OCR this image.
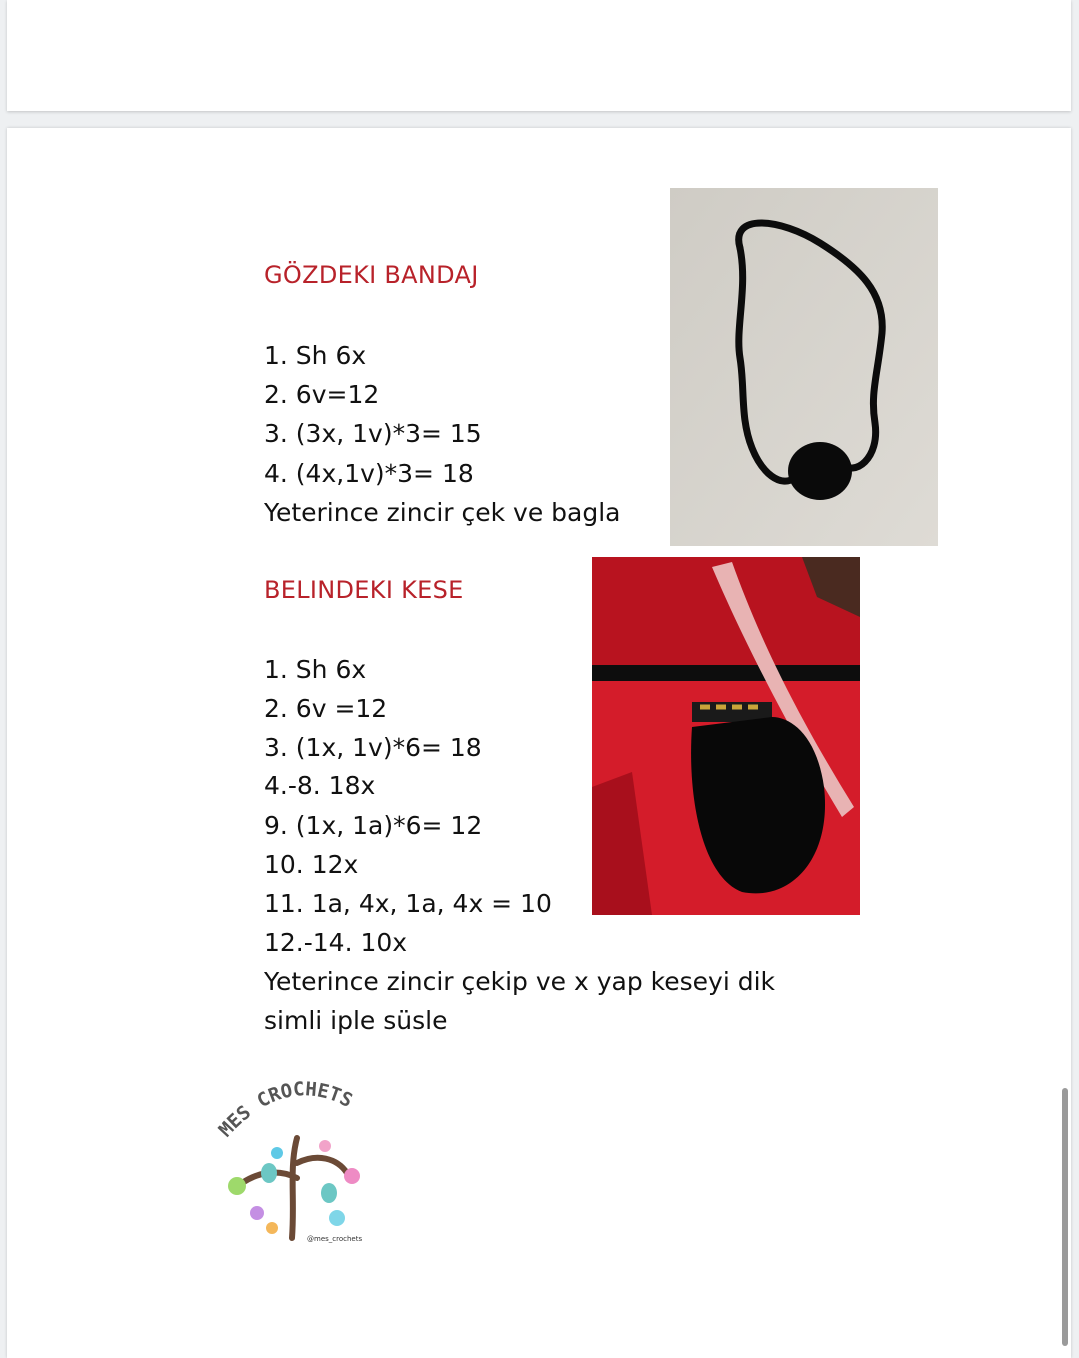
GÖZDEKI BANDAJ

1. Sh 6x

2. 6v=12

3. (3x, 1v)*3= 15

4. (4x,1v)*3= 18

Yeterince zincir çek ve bagla

BELINDEKI KESE

1. Sh 6x

2. 6v =12

3. (1x, 1v)*6= 18

4.-8. 18x

9. (1x, 1a)*6= 12

10. 12x

11. 1a, 4x, 1a, 4x = 10

12.-14. 10x

Yeterince zincir çekip ve x yap keseyi dik

simli iple süsle

MES CROCHETS
@mes_crochets
